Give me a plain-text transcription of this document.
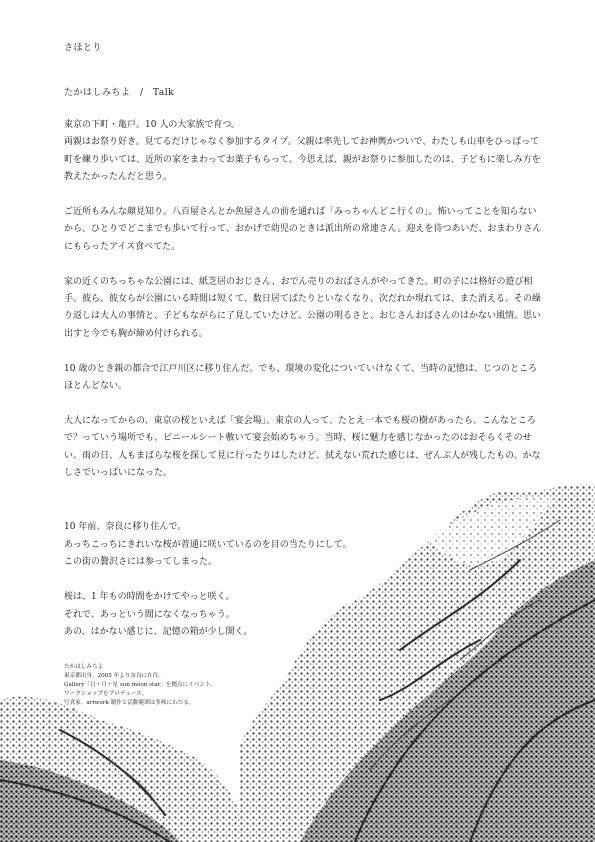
さほとり
たかはしみちよ　/　Talk

東京の下町・亀戸。10 人の大家族で育つ。
両親はお祭り好き。見てるだけじゃなく参加するタイプ。父親は率先してお神輿かついで、わたしも山車をひっぱって町を練り歩いては、近所の家をまわってお菓子もらって。今思えば、親がお祭りに参加したのは、子どもに楽しみ方を教えたかったんだと思う。

ご近所もみんな顔見知り。八百屋さんとか魚屋さんの前を通れば「みっちゃんどこ行くの」。怖いってことを知らないから、ひとりでどこまでも歩いて行って、おかげで幼児のときは派出所の常連さん。迎えを待つあいだ、おまわりさんにもらったアイス食べてた。

家の近くのちっちゃな公園には、紙芝居のおじさん、おでん売りのおばさんがやってきた。町の子には格好の遊び相手。彼ら、彼女らが公園にいる時間は短くて、数日居てぱたりといなくなり、次だれか現れては、また消える。その繰り返しは大人の事情と、子どもながらに了見していたけど。公園の明るさと、おじさんおばさんのはかない風情。思い出すと今でも胸が締め付けられる。

10 歳のとき親の都合で江戸川区に移り住んだ。でも、環境の変化についていけなくて、当時の記憶は、じつのところほとんどない。

大人になってからの、東京の桜といえば「宴会場」。東京の人って、たとえ一本でも桜の樹があったら、こんなところで？っていう場所でも、ビニールシート敷いて宴会始めちゃう。当時、桜に魅力を感じなかったのはおそらくそのせい。雨の日、人もまばらな桜を探して見に行ったりはしたけど、拭えない荒れた感じは、ぜんぶ人が残したもの。かなしさでいっぱいになった。

10 年前、奈良に移り住んで。
あっちこっちにきれいな桜が普通に咲いているのを目の当たりにして。
この街の贅沢さには参ってしまった。

桜は、1 年もの時間をかけてやっと咲く。
それで、あっという間になくなっちゃう。
あの、はかない感じに、記憶の箱が少し開く。

たかはしみちよ
東京都出身。2005 年より奈良に在住。
Gallery「日＋月＋星 sun moon star」を拠点にイベント、
ワークショップをプロデュース。
写真家。artwork 制作と活動範囲は多岐にわたる。
